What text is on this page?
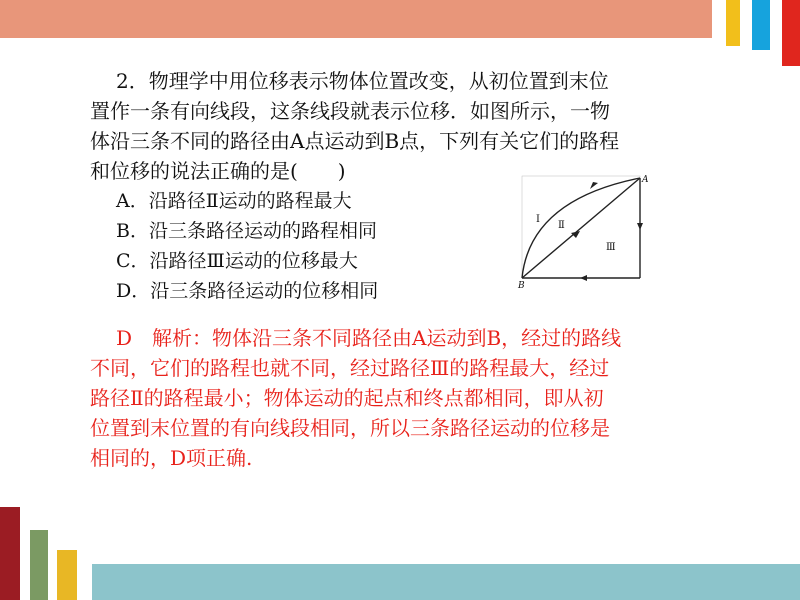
2．物理学中用位移表示物体位置改变，从初位置到末位
置作一条有向线段，这条线段就表示位移．如图所示，一物
体沿三条不同的路径由A点运动到B点，下列有关它们的路程
和位移的说法正确的是(　　)
A．沿路径Ⅱ运动的路程最大
B．沿三条路径运动的路程相同
C．沿路径Ⅲ运动的位移最大
D．沿三条路径运动的位移相同
A
B
Ⅰ
Ⅱ
Ⅲ
D　解析：物体沿三条不同路径由A运动到B，经过的路线
不同，它们的路程也就不同，经过路径Ⅲ的路程最大，经过
路径Ⅱ的路程最小；物体运动的起点和终点都相同，即从初
位置到末位置的有向线段相同，所以三条路径运动的位移是
相同的，D项正确.
